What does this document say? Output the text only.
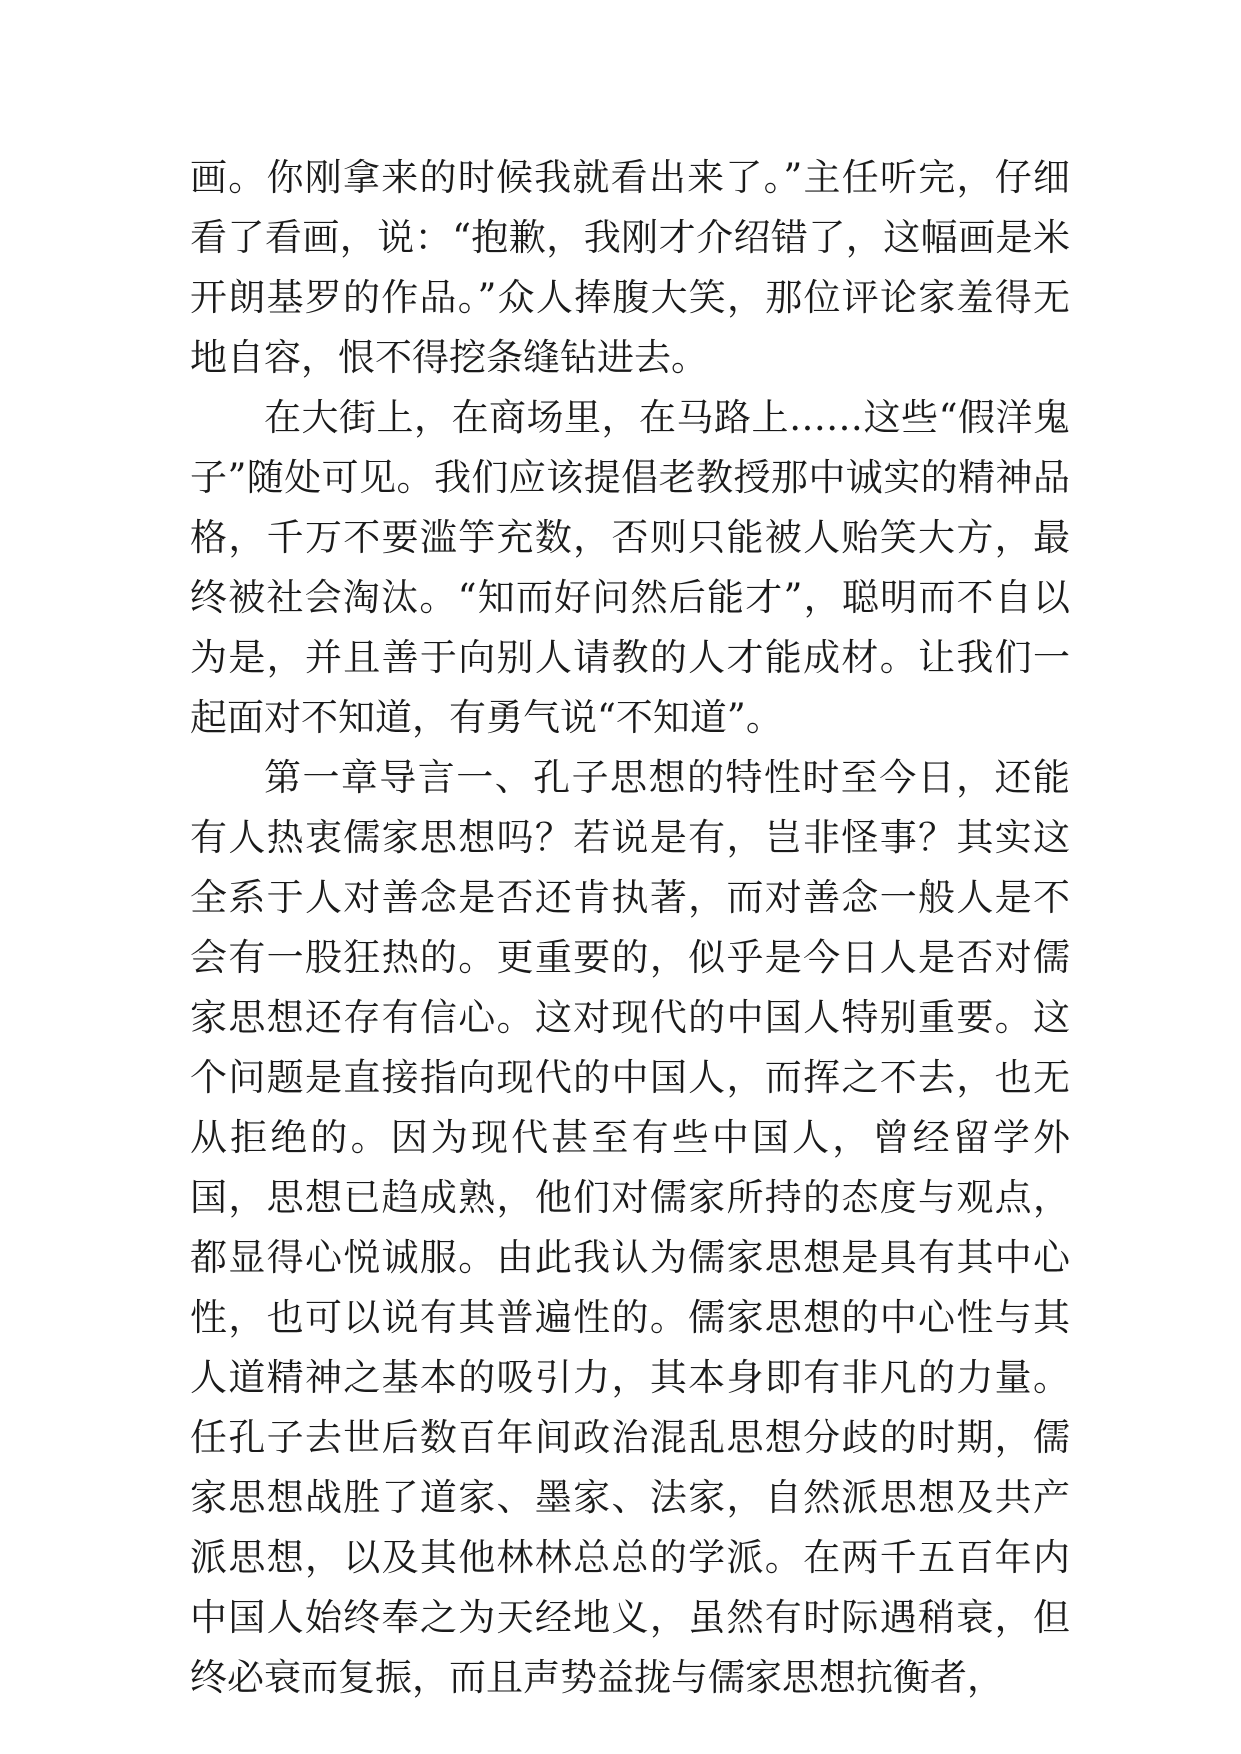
画。你刚拿来的时候我就看出来了。”主任听完，仔细看了看画，说：“抱歉，我刚才介绍错了，这幅画是米开朗基罗的作品。”众人捧腹大笑，那位评论家羞得无地自容，恨不得挖条缝钻进去。

在大街上，在商场里，在马路上……这些“假洋鬼子”随处可见。我们应该提倡老教授那中诚实的精神品格，千万不要滥竽充数，否则只能被人贻笑大方，最终被社会淘汰。“知而好问然后能才”，聪明而不自以为是，并且善于向别人请教的人才能成材。让我们一起面对不知道，有勇气说“不知道”。

第一章导言一、孔子思想的特性时至今日，还能有人热衷儒家思想吗？若说是有，岂非怪事？其实这全系于人对善念是否还肯执著，而对善念一般人是不会有一股狂热的。更重要的，似乎是今日人是否对儒家思想还存有信心。这对现代的中国人特别重要。这个问题是直接指向现代的中国人，而挥之不去，也无从拒绝的。因为现代甚至有些中国人，曾经留学外国，思想已趋成熟，他们对儒家所持的态度与观点，都显得心悦诚服。由此我认为儒家思想是具有其中心性，也可以说有其普遍性的。儒家思想的中心性与其人道精神之基本的吸引力，其本身即有非凡的力量。任孔子去世后数百年间政治混乱思想分歧的时期，儒家思想战胜了道家、墨家、法家，自然派思想及共产派思想，以及其他林林总总的学派。在两千五百年内中国人始终奉之为天经地义，虽然有时际遇稍衰，但终必衰而复振，而且声势益拢与儒家思想抗衡者，
